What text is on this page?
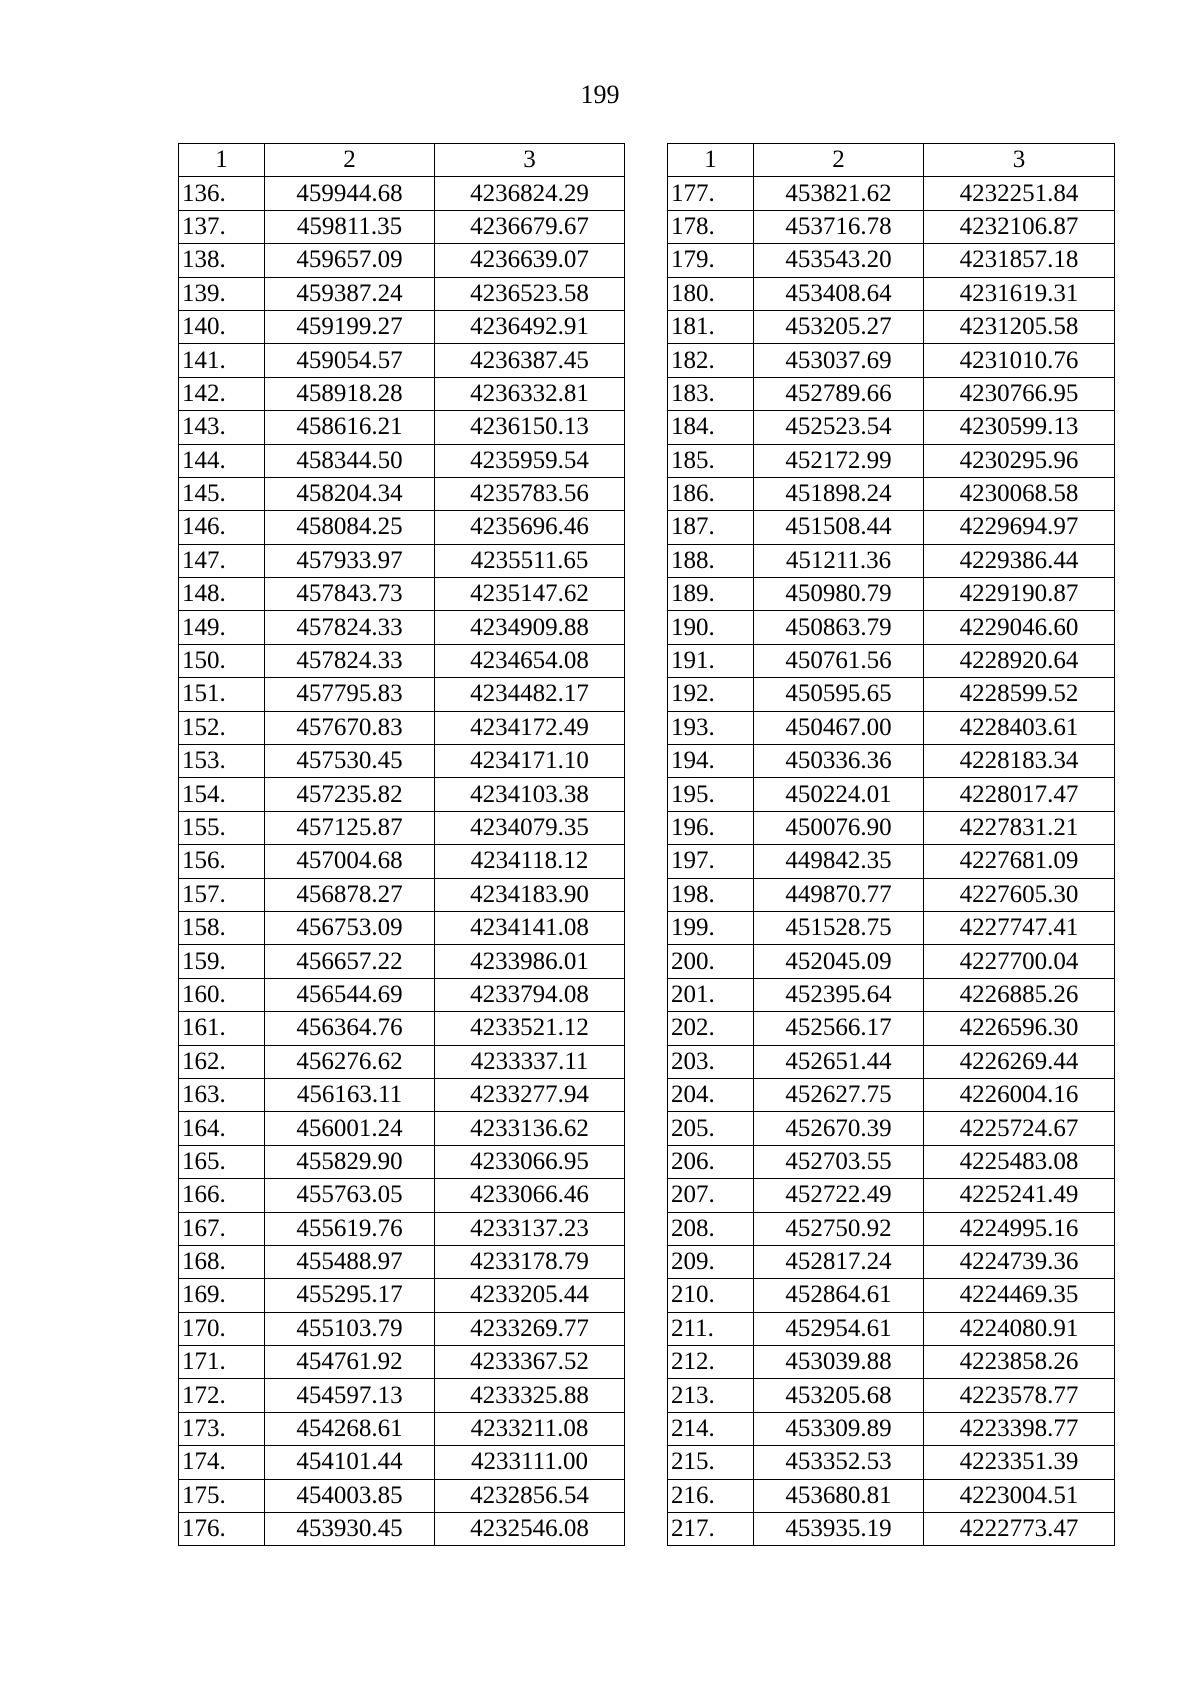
199
1	2	3
136.	459944.68	4236824.29
137.	459811.35	4236679.67
138.	459657.09	4236639.07
139.	459387.24	4236523.58
140.	459199.27	4236492.91
141.	459054.57	4236387.45
142.	458918.28	4236332.81
143.	458616.21	4236150.13
144.	458344.50	4235959.54
145.	458204.34	4235783.56
146.	458084.25	4235696.46
147.	457933.97	4235511.65
148.	457843.73	4235147.62
149.	457824.33	4234909.88
150.	457824.33	4234654.08
151.	457795.83	4234482.17
152.	457670.83	4234172.49
153.	457530.45	4234171.10
154.	457235.82	4234103.38
155.	457125.87	4234079.35
156.	457004.68	4234118.12
157.	456878.27	4234183.90
158.	456753.09	4234141.08
159.	456657.22	4233986.01
160.	456544.69	4233794.08
161.	456364.76	4233521.12
162.	456276.62	4233337.11
163.	456163.11	4233277.94
164.	456001.24	4233136.62
165.	455829.90	4233066.95
166.	455763.05	4233066.46
167.	455619.76	4233137.23
168.	455488.97	4233178.79
169.	455295.17	4233205.44
170.	455103.79	4233269.77
171.	454761.92	4233367.52
172.	454597.13	4233325.88
173.	454268.61	4233211.08
174.	454101.44	4233111.00
175.	454003.85	4232856.54
176.	453930.45	4232546.08
1	2	3
177.	453821.62	4232251.84
178.	453716.78	4232106.87
179.	453543.20	4231857.18
180.	453408.64	4231619.31
181.	453205.27	4231205.58
182.	453037.69	4231010.76
183.	452789.66	4230766.95
184.	452523.54	4230599.13
185.	452172.99	4230295.96
186.	451898.24	4230068.58
187.	451508.44	4229694.97
188.	451211.36	4229386.44
189.	450980.79	4229190.87
190.	450863.79	4229046.60
191.	450761.56	4228920.64
192.	450595.65	4228599.52
193.	450467.00	4228403.61
194.	450336.36	4228183.34
195.	450224.01	4228017.47
196.	450076.90	4227831.21
197.	449842.35	4227681.09
198.	449870.77	4227605.30
199.	451528.75	4227747.41
200.	452045.09	4227700.04
201.	452395.64	4226885.26
202.	452566.17	4226596.30
203.	452651.44	4226269.44
204.	452627.75	4226004.16
205.	452670.39	4225724.67
206.	452703.55	4225483.08
207.	452722.49	4225241.49
208.	452750.92	4224995.16
209.	452817.24	4224739.36
210.	452864.61	4224469.35
211.	452954.61	4224080.91
212.	453039.88	4223858.26
213.	453205.68	4223578.77
214.	453309.89	4223398.77
215.	453352.53	4223351.39
216.	453680.81	4223004.51
217.	453935.19	4222773.47
